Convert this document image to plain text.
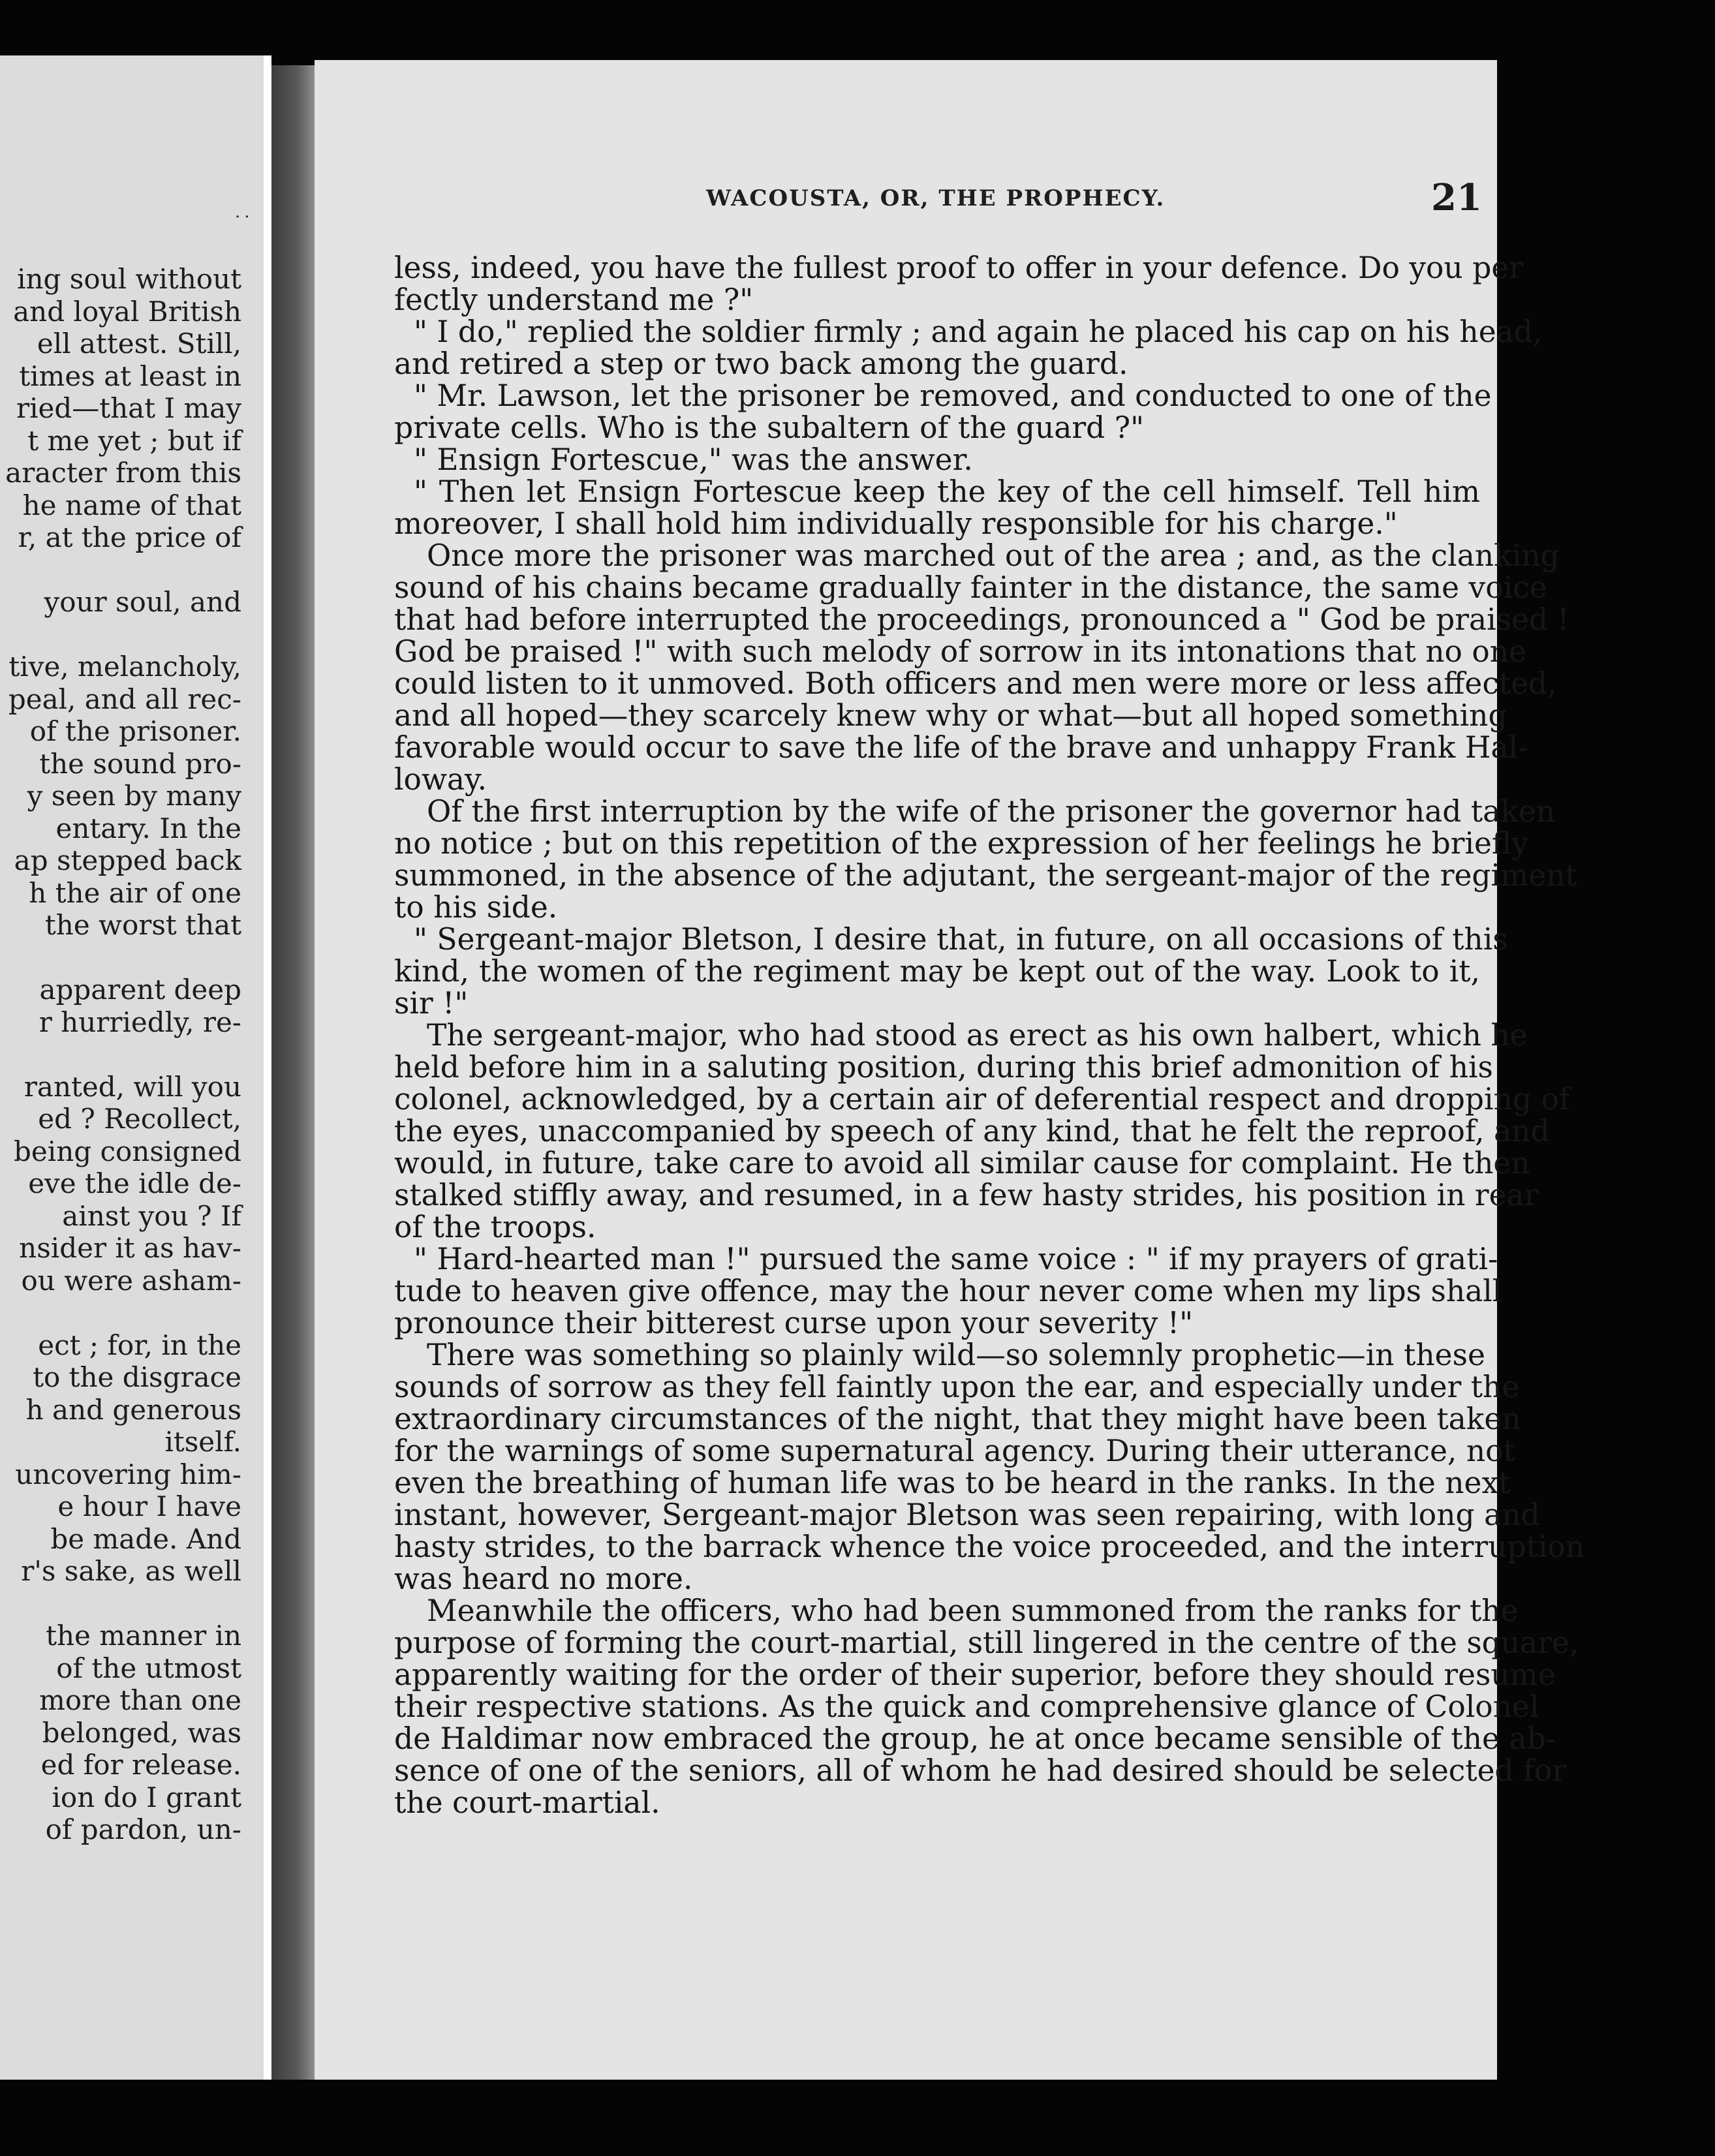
ing soul without
and loyal British
ell attest. Still,
times at least in
ried—that I may
t me yet ; but if
aracter from this
he name of that
r, at the price of
your soul, and
tive, melancholy,
peal, and all rec-
of the prisoner.
the sound pro-
y seen by many
entary. In the
ap stepped back
h the air of one
the worst that
apparent deep
r hurriedly, re-
ranted, will you
ed ? Recollect,
being consigned
eve the idle de-
ainst you ? If
nsider it as hav-
ou were asham-
ect ; for, in the
to the disgrace
h and generous
itself.
uncovering him-
e hour I have
be made. And
r's sake, as well
the manner in
of the utmost
more than one
belonged, was
ed for release.
ion do I grant
of pardon, un-
··
WACOUSTA, OR, THE PROPHECY.	21
less, indeed, you have the fullest proof to offer in your defence. Do you per
fectly understand me ?"
" I do," replied the soldier firmly ; and again he placed his cap on his head,
and retired a step or two back among the guard.
" Mr. Lawson, let the prisoner be removed, and conducted to one of the
private cells. Who is the subaltern of the guard ?"
" Ensign Fortescue," was the answer.
" Then let Ensign Fortescue keep the key of the cell himself. Tell him
moreover, I shall hold him individually responsible for his charge."
Once more the prisoner was marched out of the area ; and, as the clanking
sound of his chains became gradually fainter in the distance, the same voice
that had before interrupted the proceedings, pronounced a " God be praised !
God be praised !" with such melody of sorrow in its intonations that no one
could listen to it unmoved. Both officers and men were more or less affected,
and all hoped—they scarcely knew why or what—but all hoped something
favorable would occur to save the life of the brave and unhappy Frank Hal-
loway.
Of the first interruption by the wife of the prisoner the governor had taken
no notice ; but on this repetition of the expression of her feelings he briefly
summoned, in the absence of the adjutant, the sergeant-major of the regiment
to his side.
" Sergeant-major Bletson, I desire that, in future, on all occasions of this
kind, the women of the regiment may be kept out of the way. Look to it,
sir !"
The sergeant-major, who had stood as erect as his own halbert, which he
held before him in a saluting position, during this brief admonition of his
colonel, acknowledged, by a certain air of deferential respect and dropping of
the eyes, unaccompanied by speech of any kind, that he felt the reproof, and
would, in future, take care to avoid all similar cause for complaint. He then
stalked stiffly away, and resumed, in a few hasty strides, his position in rear
of the troops.
" Hard-hearted man !" pursued the same voice : " if my prayers of grati-
tude to heaven give offence, may the hour never come when my lips shall
pronounce their bitterest curse upon your severity !"
There was something so plainly wild—so solemnly prophetic—in these
sounds of sorrow as they fell faintly upon the ear, and especially under the
extraordinary circumstances of the night, that they might have been taken
for the warnings of some supernatural agency. During their utterance, not
even the breathing of human life was to be heard in the ranks. In the next
instant, however, Sergeant-major Bletson was seen repairing, with long and
hasty strides, to the barrack whence the voice proceeded, and the interruption
was heard no more.
Meanwhile the officers, who had been summoned from the ranks for the
purpose of forming the court-martial, still lingered in the centre of the square,
apparently waiting for the order of their superior, before they should resume
their respective stations. As the quick and comprehensive glance of Colonel
de Haldimar now embraced the group, he at once became sensible of the ab-
sence of one of the seniors, all of whom he had desired should be selected for
the court-martial.
